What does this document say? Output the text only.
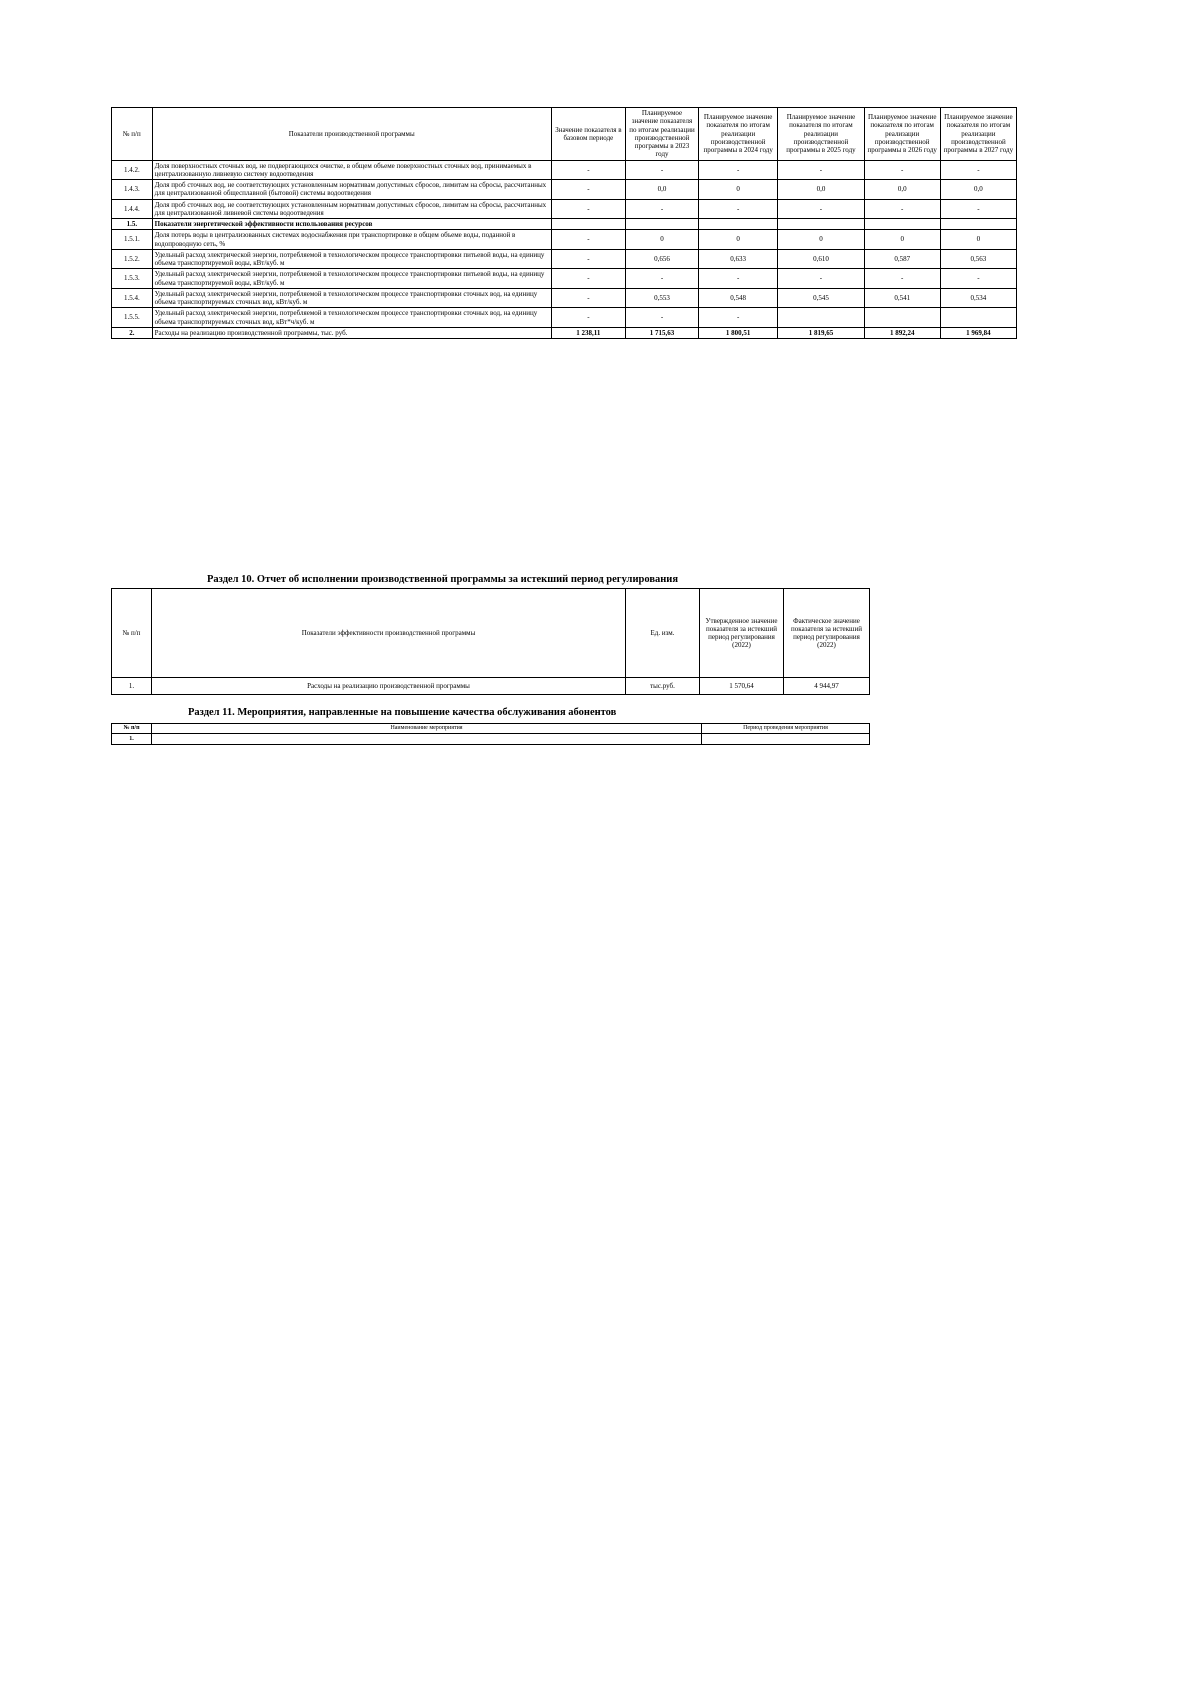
№ п/п	Показатели производственной программы	Значение показателя в базовом периоде	Планируемое значение показателя по итогам реализации производственной программы в 2023 году	Планируемое значение показателя по итогам реализации производственной программы в 2024 году	Планируемое значение показателя по итогам реализации производственной программы в 2025 году	Планируемое значение показателя по итогам реализации производственной программы в 2026 году	Планируемое значение показателя по итогам реализации производственной программы в 2027 году
1.4.2.	Доля поверхностных сточных вод, не подвергающихся очистке, в общем объеме поверхностных сточных вод, принимаемых в централизованную ливневую систему водоотведения	-	-	-	-	-	-
1.4.3.	Доля проб сточных вод, не соответствующих установленным нормативам допустимых сбросов, лимитам на сбросы, рассчитанных для централизованной общесплавной (бытовой) системы водоотведения	-	0,0	0	0,0	0,0	0,0
1.4.4.	Доля проб сточных вод, не соответствующих установленным нормативам допустимых сбросов, лимитам на сбросы, рассчитанных для централизованной ливневой системы водоотведения	-	-	-	-	-	-
1.5.	Показатели энергетической эффективности использования ресурсов						
1.5.1.	Доля потерь воды в централизованных системах водоснабжения при транспортировке в общем объеме воды, поданной в водопроводную сеть, %	-	0	0	0	0	0
1.5.2.	Удельный расход электрической энергии, потребляемой в технологическом процессе транспортировки питьевой воды, на единицу объема транспортируемой воды, кВт/куб. м	-	0,656	0,633	0,610	0,587	0,563
1.5.3.	Удельный расход электрической энергии, потребляемой в технологическом процессе транспортировки питьевой воды, на единицу объема транспортируемой воды, кВт/куб. м	-	-	-	-	-	-
1.5.4.	Удельный расход электрической энергии, потребляемой в технологическом процессе транспортировки сточных вод, на единицу объема транспортируемых сточных вод, кВт/куб. м	-	0,553	0,548	0,545	0,541	0,534
1.5.5.	Удельный расход электрической энергии, потребляемой в технологическом процессе транспортировки сточных вод, на единицу объема транспортируемых сточных вод, кВт*ч/куб. м	-	-	-			
2.	Расходы на реализацию производственной программы, тыс. руб.	1 238,11	1 715,63	1 800,51	1 819,65	1 892,24	1 969,84
Раздел 10. Отчет об исполнении производственной программы за истекший период регулирования
№ п/п	Показатели эффективности производственной программы	Ед. изм.	Утвержденное значение показателя за истекший период регулирования (2022)	Фактическое значение показателя за истекший период регулирования (2022)
1.	Расходы на реализацию производственной программы	тыс.руб.	1 570,64	4 944,97
Раздел 11. Мероприятия, направленные на повышение качества обслуживания абонентов
№ п/п	Наименование мероприятия	Период проведения мероприятия
1.		
